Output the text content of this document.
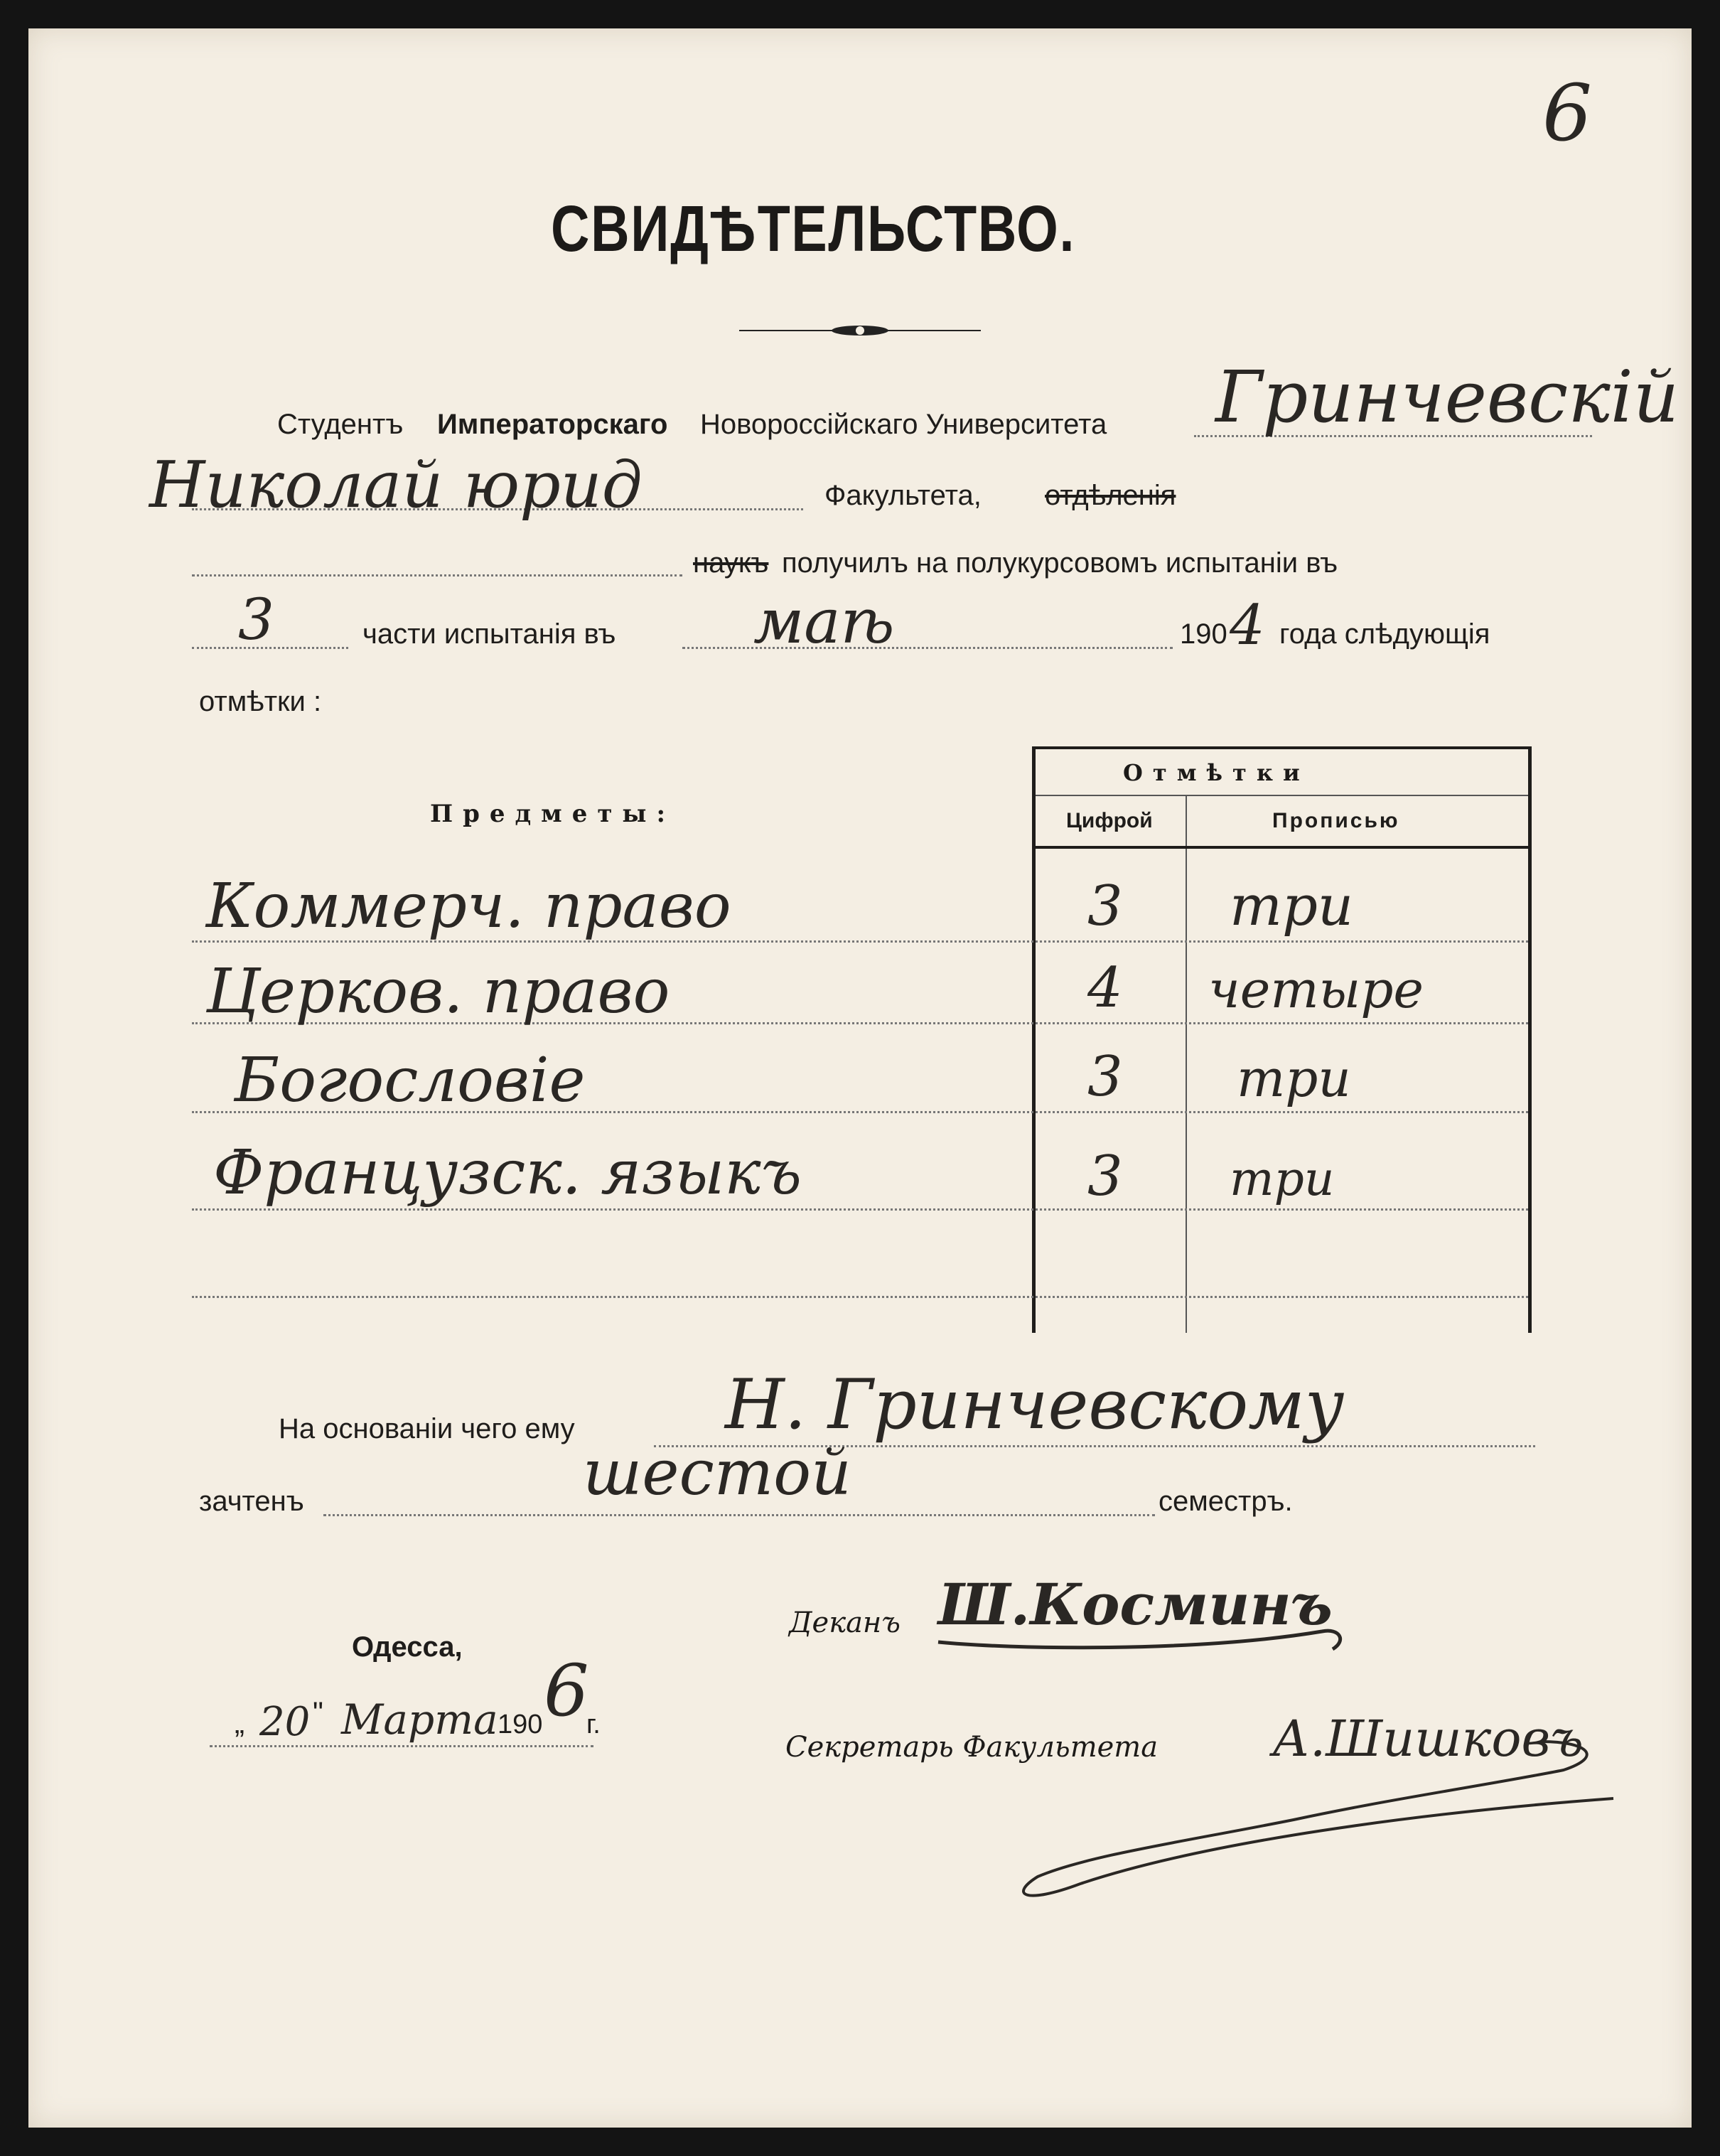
6
СВИДѢТЕЛЬСТВО.
Студентъ Императорскаго Новороссійскаго Университета Гринчевскій
Николай юрид	Факультета, отдѣленія
наукъ получилъ на полукурсовомъ испытаніи въ
3	части испытанія въ маѣ	190 4 года слѣдующія
отмѣтки :
Отмѣтки
Цифрой	Прописью
Предметы:
Коммерч. право	3 три
Церков. право	4 четыре
Богословіе	3 три
Французск. языкъ	3 три
На основаніи чего ему Н. Гринчевскому
зачтенъ	шестой	семестръ.
Одесса,
„ 20 " Марта 190 6
г.
Деканъ Ш.Косминъ
Секретарь Факультета А.Шишковъ
